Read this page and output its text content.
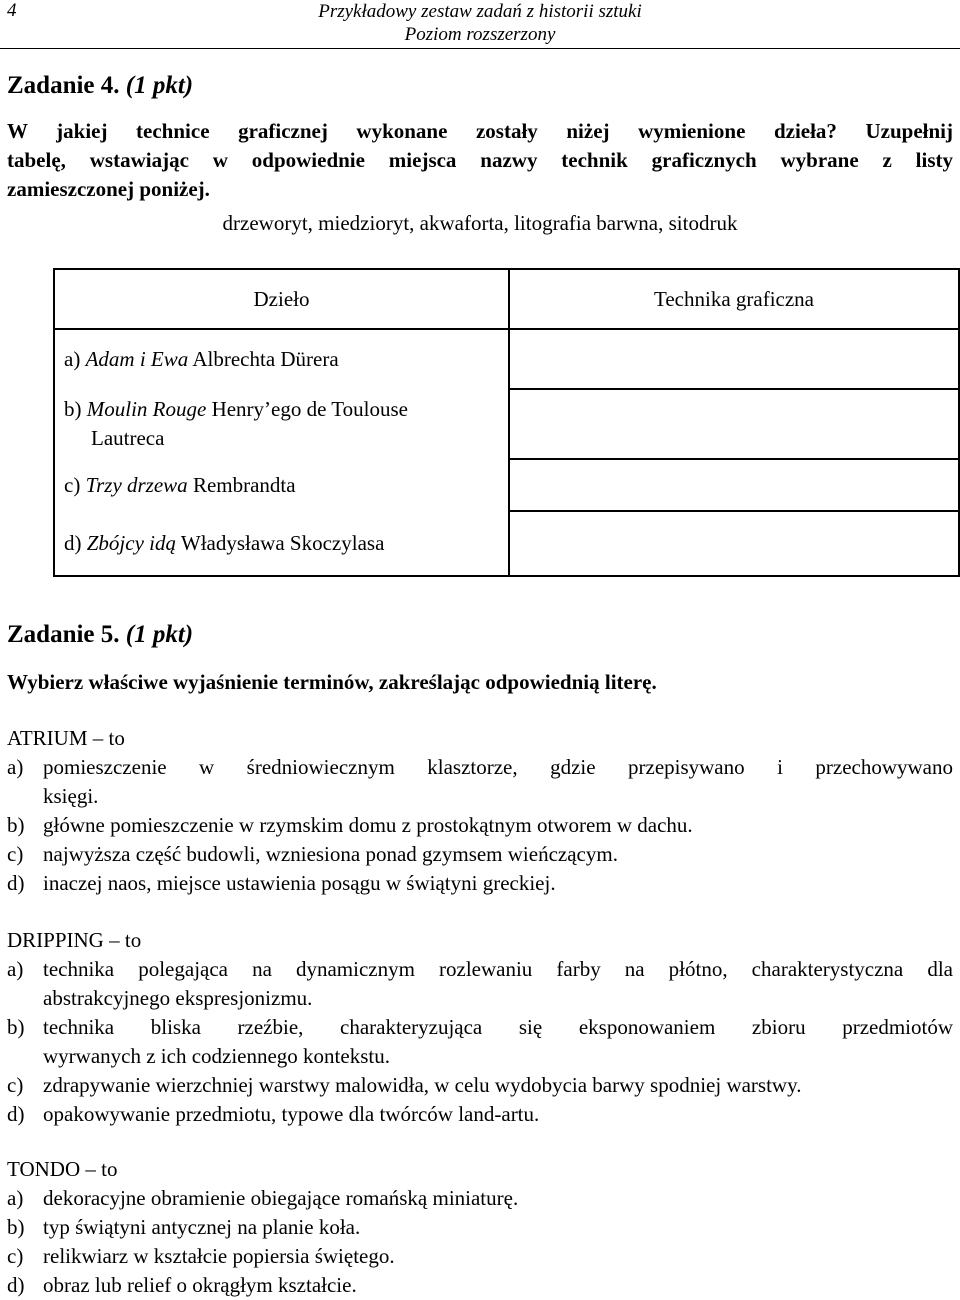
4	Przykładowy zestaw zadań z historii sztuki
Poziom rozszerzony
Zadanie 4. (1 pkt)
W jakiej technice graficznej wykonane zostały niżej wymienione dzieła? Uzupełnij
tabelę, wstawiając w odpowiednie miejsca nazwy technik graficznych wybrane z listy
zamieszczonej poniżej.
drzeworyt, miedzioryt, akwaforta, litografia barwna, sitodruk
Dzieło	Technika graficzna
a) Adam i Ewa Albrechta Dürera	

b) Moulin Rouge Henry’ego de Toulouse
Lautreca	

c) Trzy drzewa Rembrandta	
d) Zbójcy idą Władysława Skoczylasa	
Zadanie 5. (1 pkt)
Wybierz właściwe wyjaśnienie terminów, zakreślając odpowiednią literę.
ATRIUM – to
a) pomieszczenie w średniowiecznym klasztorze, gdzie przepisywano i przechowywano
księgi.
b) główne pomieszczenie w rzymskim domu z prostokątnym otworem w dachu.
c) najwyższa część budowli, wzniesiona ponad gzymsem wieńczącym.
d) inaczej naos, miejsce ustawienia posągu w świątyni greckiej.
DRIPPING – to
a) technika polegająca na dynamicznym rozlewaniu farby na płótno, charakterystyczna dla
abstrakcyjnego ekspresjonizmu.
b) technika bliska rzeźbie, charakteryzująca się eksponowaniem zbioru przedmiotów
wyrwanych z ich codziennego kontekstu.
c) zdrapywanie wierzchniej warstwy malowidła, w celu wydobycia barwy spodniej warstwy.
d) opakowywanie przedmiotu, typowe dla twórców land-artu.
TONDO – to
a) dekoracyjne obramienie obiegające romańską miniaturę.
b) typ świątyni antycznej na planie koła.
c) relikwiarz w kształcie popiersia świętego.
d) obraz lub relief o okrągłym kształcie.
